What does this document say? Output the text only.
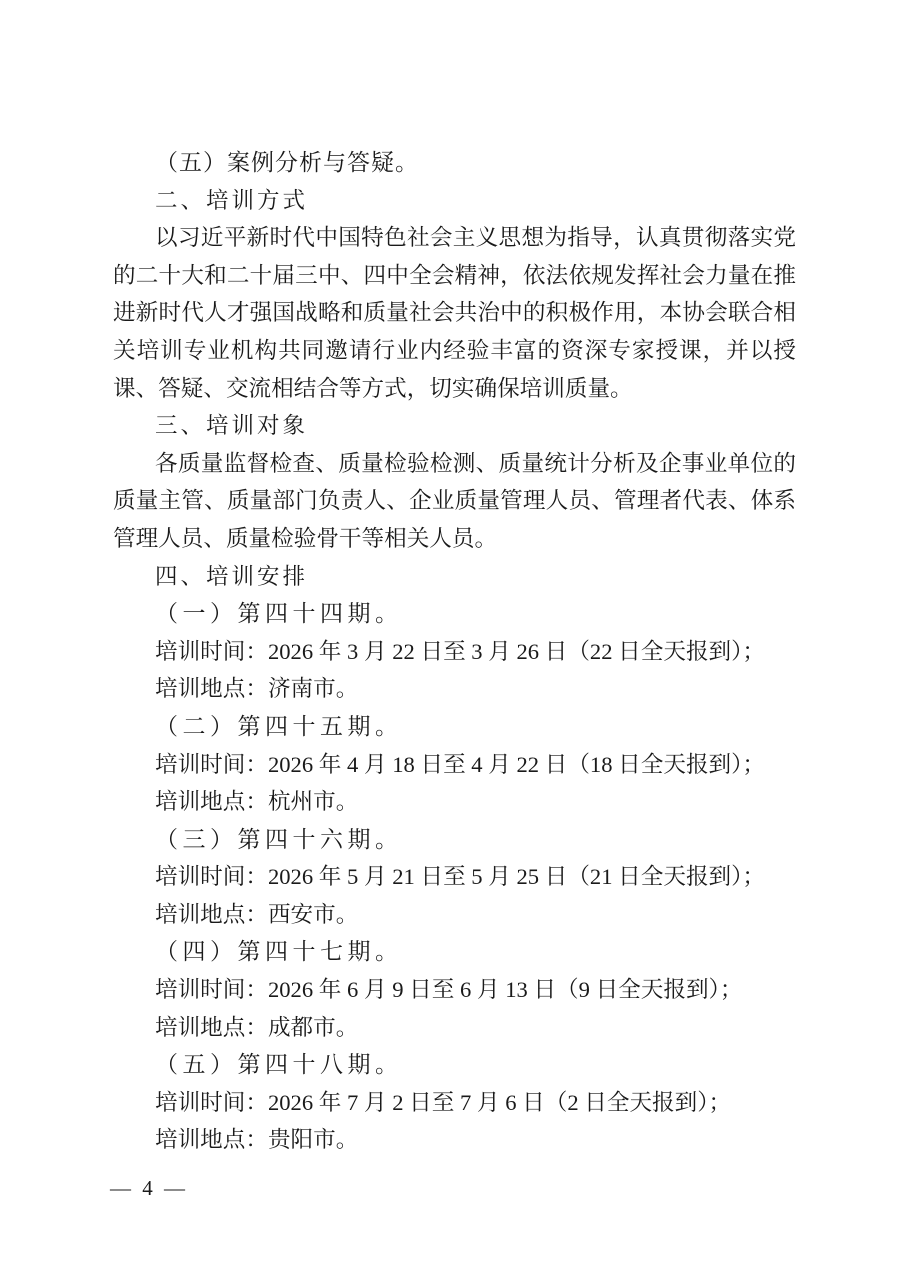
（五）案例分析与答疑。

二、培训方式

以习近平新时代中国特色社会主义思想为指导，认真贯彻落实党的二十大和二十届三中、四中全会精神，依法依规发挥社会力量在推进新时代人才强国战略和质量社会共治中的积极作用，本协会联合相关培训专业机构共同邀请行业内经验丰富的资深专家授课，并以授课、答疑、交流相结合等方式，切实确保培训质量。

三、培训对象

各质量监督检查、质量检验检测、质量统计分析及企事业单位的质量主管、质量部门负责人、企业质量管理人员、管理者代表、体系管理人员、质量检验骨干等相关人员。

四、培训安排

（一）第四十四期。

培训时间：2026 年 3 月 22 日至 3 月 26 日（22 日全天报到）；

培训地点：济南市。

（二）第四十五期。

培训时间：2026 年 4 月 18 日至 4 月 22 日（18 日全天报到）；

培训地点：杭州市。

（三）第四十六期。

培训时间：2026 年 5 月 21 日至 5 月 25 日（21 日全天报到）；

培训地点：西安市。

（四）第四十七期。

培训时间：2026 年 6 月 9 日至 6 月 13 日（9 日全天报到）；

培训地点：成都市。

（五）第四十八期。

培训时间：2026 年 7 月 2 日至 7 月 6 日（2 日全天报到）；

培训地点：贵阳市。

— 4 —
